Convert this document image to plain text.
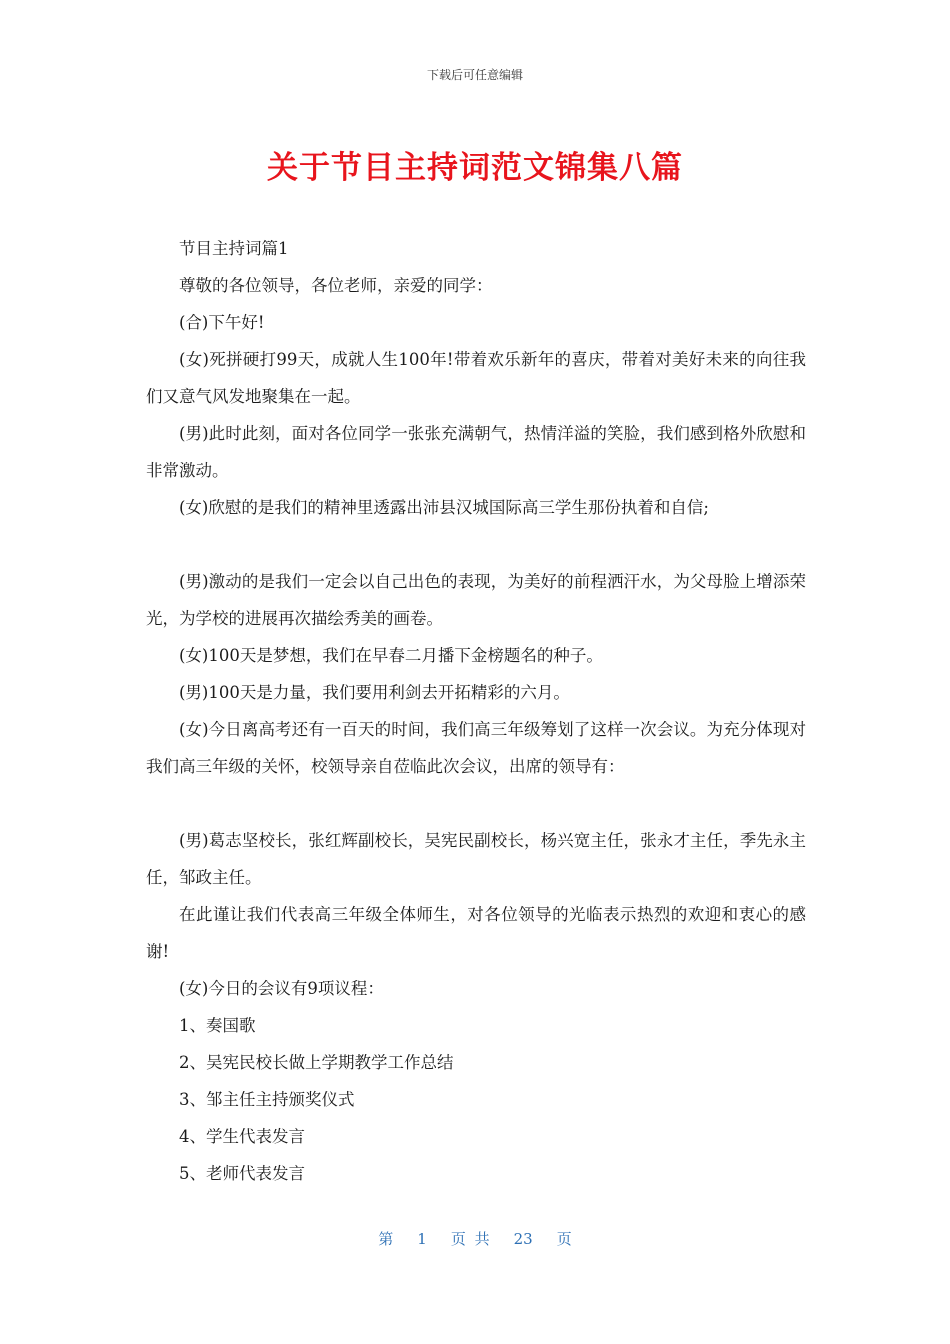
下载后可任意编辑
关于节目主持词范文锦集八篇

节目主持词篇1

尊敬的各位领导，各位老师，亲爱的同学：

(合)下午好!

(女)死拼硬打99天，成就人生100年!带着欢乐新年的喜庆，带着对美好未来的向往我们又意气风发地聚集在一起。

(男)此时此刻，面对各位同学一张张充满朝气，热情洋溢的笑脸，我们感到格外欣慰和非常激动。

(女)欣慰的是我们的精神里透露出沛县汉城国际高三学生那份执着和自信;

(男)激动的是我们一定会以自己出色的表现，为美好的前程洒汗水，为父母脸上增添荣光，为学校的进展再次描绘秀美的画卷。

(女)100天是梦想，我们在早春二月播下金榜题名的种子。

(男)100天是力量，我们要用利剑去开拓精彩的六月。

(女)今日离高考还有一百天的时间，我们高三年级筹划了这样一次会议。为充分体现对我们高三年级的关怀，校领导亲自莅临此次会议，出席的领导有：

(男)葛志坚校长，张红辉副校长，吴宪民副校长，杨兴宽主任，张永才主任，季先永主任，邹政主任。

在此谨让我们代表高三年级全体师生，对各位领导的光临表示热烈的欢迎和衷心的感谢!

(女)今日的会议有9项议程：

1、奏国歌

2、吴宪民校长做上学期教学工作总结

3、邹主任主持颁奖仪式

4、学生代表发言

5、老师代表发言

第 1 页 共 23 页
